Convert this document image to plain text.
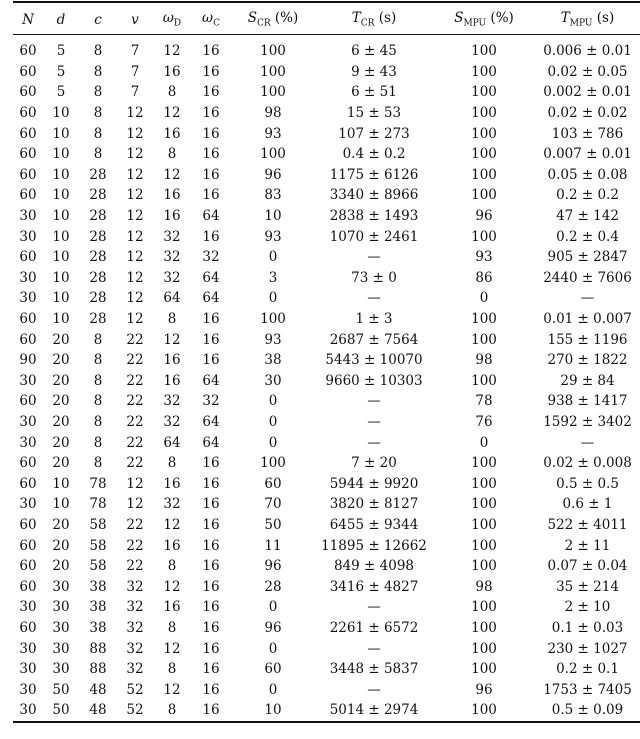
N	d	c	v	$\omega_D$	$\omega_C$	$S_{CR}$ (%)	$T_{CR}$ (s)	$S_{MPU}$ (%)	$T_{MPU}$ (s)
60	5	8	7	12	16	100	6 ± 45	100	0.006 ± 0.01
60	5	8	7	16	16	100	9 ± 43	100	0.02 ± 0.05
60	5	8	7	8	16	100	6 ± 51	100	0.002 ± 0.01
60	10	8	12	12	16	98	15 ± 53	100	0.02 ± 0.02
60	10	8	12	16	16	93	107 ± 273	100	103 ± 786
60	10	8	12	8	16	100	0.4 ± 0.2	100	0.007 ± 0.01
60	10	28	12	12	16	96	1175 ± 6126	100	0.05 ± 0.08
60	10	28	12	16	16	83	3340 ± 8966	100	0.2 ± 0.2
30	10	28	12	16	64	10	2838 ± 1493	96	47 ± 142
30	10	28	12	32	16	93	1070 ± 2461	100	0.2 ± 0.4
60	10	28	12	32	32	0	—	93	905 ± 2847
30	10	28	12	32	64	3	73 ± 0	86	2440 ± 7606
30	10	28	12	64	64	0	—	0	—
60	10	28	12	8	16	100	1 ± 3	100	0.01 ± 0.007
60	20	8	22	12	16	93	2687 ± 7564	100	155 ± 1196
90	20	8	22	16	16	38	5443 ± 10070	98	270 ± 1822
30	20	8	22	16	64	30	9660 ± 10303	100	29 ± 84
60	20	8	22	32	32	0	—	78	938 ± 1417
30	20	8	22	32	64	0	—	76	1592 ± 3402
30	20	8	22	64	64	0	—	0	—
60	20	8	22	8	16	100	7 ± 20	100	0.02 ± 0.008
60	10	78	12	16	16	60	5944 ± 9920	100	0.5 ± 0.5
30	10	78	12	32	16	70	3820 ± 8127	100	0.6 ± 1
60	20	58	22	12	16	50	6455 ± 9344	100	522 ± 4011
60	20	58	22	16	16	11	11895 ± 12662	100	2 ± 11
60	20	58	22	8	16	96	849 ± 4098	100	0.07 ± 0.04
60	30	38	32	12	16	28	3416 ± 4827	98	35 ± 214
30	30	38	32	16	16	0	—	100	2 ± 10
60	30	38	32	8	16	96	2261 ± 6572	100	0.1 ± 0.03
30	30	88	32	12	16	0	—	100	230 ± 1027
30	30	88	32	8	16	60	3448 ± 5837	100	0.2 ± 0.1
30	50	48	52	12	16	0	—	96	1753 ± 7405
30	50	48	52	8	16	10	5014 ± 2974	100	0.5 ± 0.09
